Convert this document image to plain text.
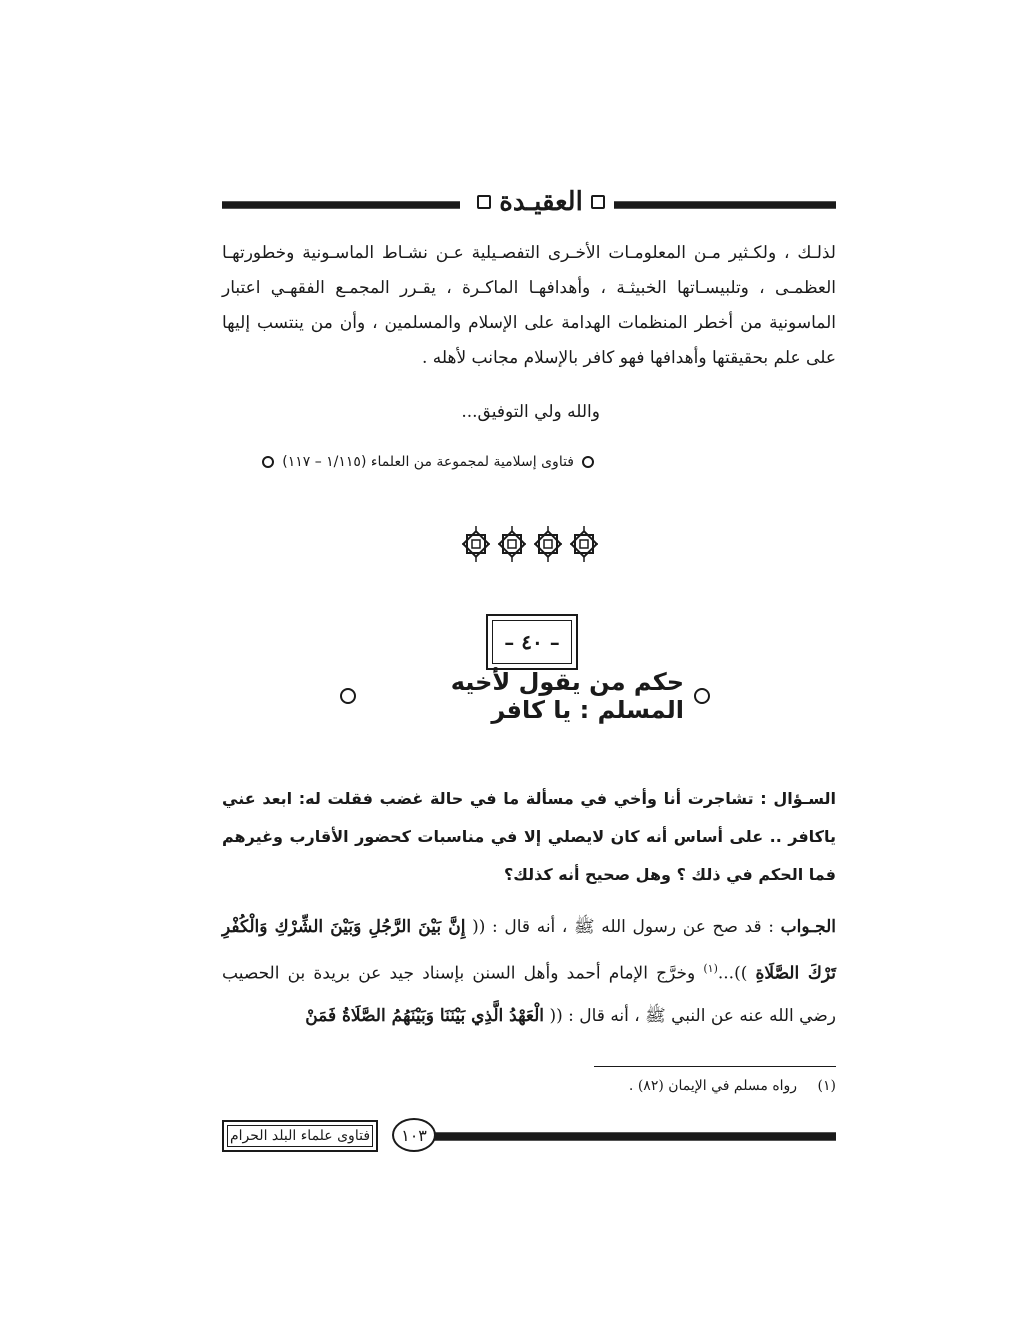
العقيـدة

لذلـك ، ولكـثير مـن المعلومـات الأخـرى التفصـيلية عـن نشـاط الماسـونية وخطورتهـا العظمـى ، وتلبيسـاتها الخبيثـة ، وأهدافهـا الماكـرة ، يقـرر المجمـع الفقهـي اعتبار الماسونية من أخطر المنظمات الهدامة على الإسلام والمسلمين ، وأن من ينتسب إليها على علم بحقيقتها وأهدافها فهو كافر بالإسلام مجانب لأهله .

والله ولي التوفيق...
فتاوى إسلامية لمجموعة من العلماء (١/١١٥ – ١١٧)
– ٤٠ –
حكم من يقول لأخيه المسلم : يا كافر

السـؤال : تشاجرت أنا وأخي في مسألة ما في حالة غضب فقلت له: ابعد عني ياكافر .. على أساس أنه كان لايصلي إلا في مناسبات كحضور الأقارب وغيرهم فما الحكم في ذلك ؟ وهل صحيح أنه كذلك؟

الجـواب : قد صح عن رسول الله ﷺ ، أنه قال : (( إِنَّ بَيْنَ الرَّجُلِ وَبَيْنَ الشِّرْكِ وَالْكُفْرِ تَرْكَ الصَّلَاةِ ))...$^{(١)}$ وخرَّج الإمام أحمد وأهل السنن بإسناد جيد عن بريدة بن الحصيب رضي الله عنه عن النبي ﷺ ، أنه قال : (( الْعَهْدُ الَّذِي بَيْنَنَا وَبَيْنَهُمُ الصَّلَاةُ فَمَنْ

(١) رواه مسلم في الإيمان (٨٢) .
١٠٣
فتاوى علماء البلد الحرام
